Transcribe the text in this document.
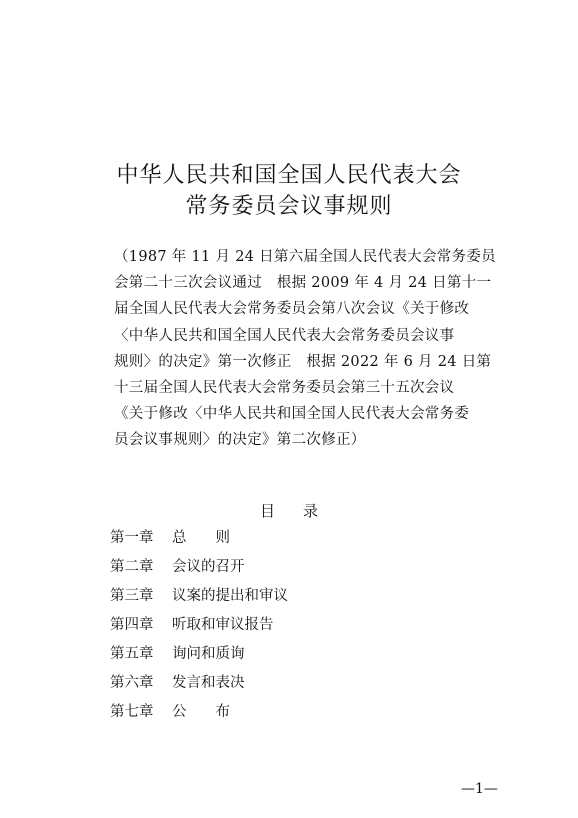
中华人民共和国全国人民代表大会
常务委员会议事规则
（1987 年 11 月 24 日第六届全国人民代表大会常务委员
会第二十三次会议通过　根据 2009 年 4 月 24 日第十一
届全国人民代表大会常务委员会第八次会议《关于修改
〈中华人民共和国全国人民代表大会常务委员会议事
规则〉的决定》第一次修正　根据 2022 年 6 月 24 日第
十三届全国人民代表大会常务委员会第三十五次会议
《关于修改〈中华人民共和国全国人民代表大会常务委
员会议事规则〉的决定》第二次修正）
目录
第一章 总　　则
第二章 会议的召开
第三章 议案的提出和审议
第四章 听取和审议报告
第五章 询问和质询
第六章 发言和表决
第七章 公　　布
—1—
